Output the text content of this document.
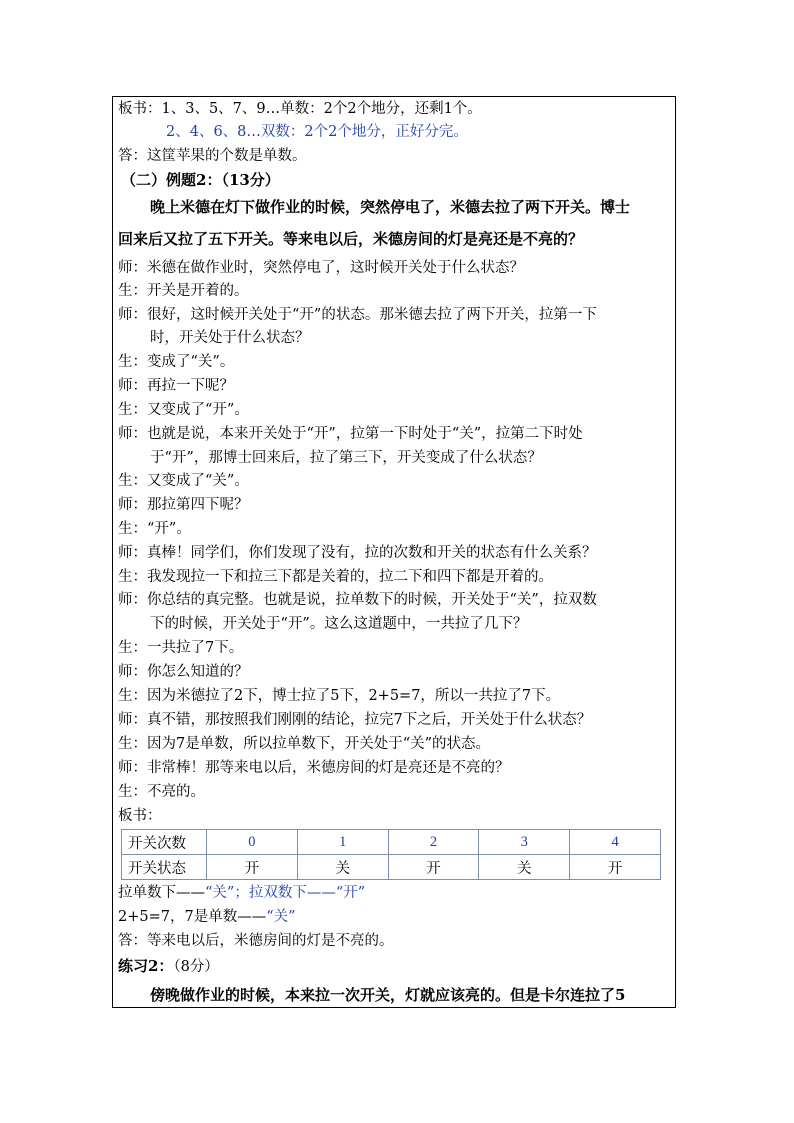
板书：1、3、5、7、9…单数：2个2个地分，还剩1个。
2、4、6、8…双数：2个2个地分，正好分完。
答：这筐苹果的个数是单数。
（二）例题2：（13分）
晚上米德在灯下做作业的时候，突然停电了，米德去拉了两下开关。博士
回来后又拉了五下开关。等来电以后，米德房间的灯是亮还是不亮的？
师：米德在做作业时，突然停电了，这时候开关处于什么状态？
生：开关是开着的。
师：很好，这时候开关处于“开”的状态。那米德去拉了两下开关，拉第一下
时，开关处于什么状态？
生：变成了“关”。
师：再拉一下呢？
生：又变成了“开”。
师：也就是说，本来开关处于“开”，拉第一下时处于“关”，拉第二下时处
于“开”，那博士回来后，拉了第三下，开关变成了什么状态？
生：又变成了“关”。
师：那拉第四下呢？
生：“开”。
师：真棒！同学们，你们发现了没有，拉的次数和开关的状态有什么关系？
生：我发现拉一下和拉三下都是关着的，拉二下和四下都是开着的。
师：你总结的真完整。也就是说，拉单数下的时候，开关处于“关”，拉双数
下的时候，开关处于“开”。这么这道题中，一共拉了几下？
生：一共拉了7下。
师：你怎么知道的？
生：因为米德拉了2下，博士拉了5下，2+5=7，所以一共拉了7下。
师：真不错，那按照我们刚刚的结论，拉完7下之后，开关处于什么状态？
生：因为7是单数，所以拉单数下，开关处于“关”的状态。
师：非常棒！那等来电以后，米德房间的灯是亮还是不亮的？
生：不亮的。
板书：
开关次数	0	1	2	3	4
开关状态	开	关	开	关	开
拉单数下——“关”；拉双数下——“开”
2+5=7，7是单数——“关”
答：等来电以后，米德房间的灯是不亮的。
练习2：（8分）
傍晚做作业的时候，本来拉一次开关，灯就应该亮的。但是卡尔连拉了5
